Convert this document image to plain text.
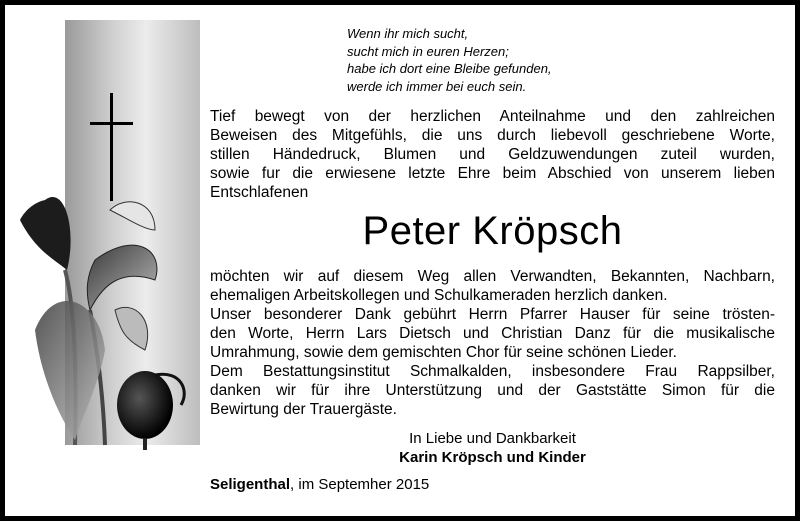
Wenn ihr mich sucht,
sucht mich in euren Herzen;
habe ich dort eine Bleibe gefunden,
werde ich immer bei euch sein.
Tief bewegt von der herzlichen Anteilnahme und den zahlreichen
Beweisen des Mitgefühls, die uns durch liebevoll geschriebene Worte,
stillen Händedruck, Blumen und Geldzuwendungen zuteil wurden,
sowie fur die erwiesene letzte Ehre beim Abschied von unserem lieben
Entschlafenen
Peter Kröpsch
möchten wir auf diesem Weg allen Verwandten, Bekannten, Nachbarn,
ehemaligen Arbeitskollegen und Schulkameraden herzlich danken.
Unser besonderer Dank gebührt Herrn Pfarrer Hauser für seine trösten-
den Worte, Herrn Lars Dietsch und Christian Danz für die musikalische
Umrahmung, sowie dem gemischten Chor für seine schönen Lieder.
Dem Bestattungsinstitut Schmalkalden, insbesondere Frau Rappsilber,
danken wir für ihre Unterstützung und der Gaststätte Simon für die
Bewirtung der Trauergäste.
In Liebe und Dankbarkeit
Karin Kröpsch und Kinder
Seligenthal, im Septemher 2015
